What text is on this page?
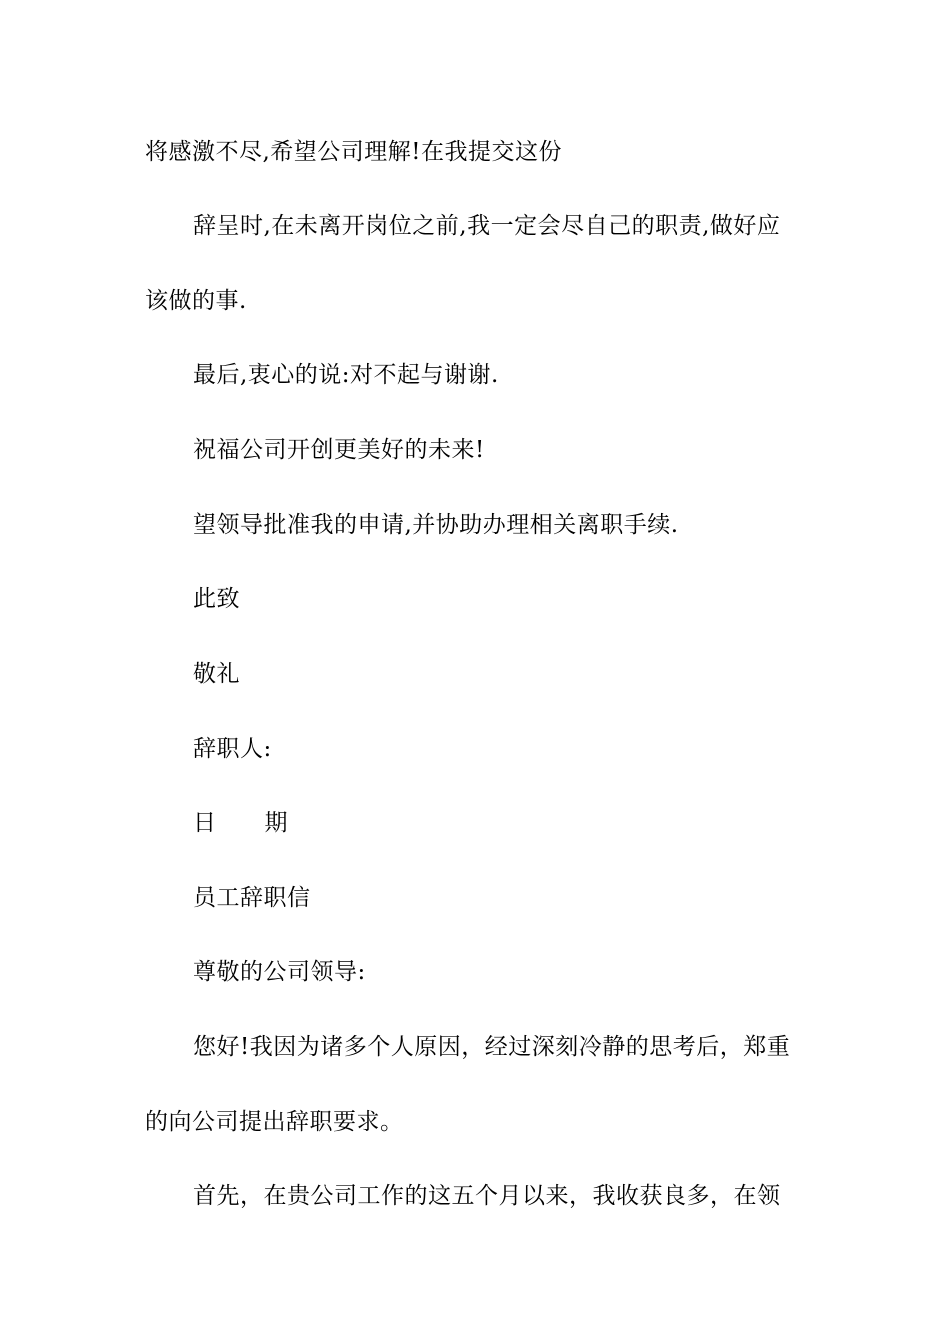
将感激不尽,希望公司理解!在我提交这份
辞呈时,在未离开岗位之前,我一定会尽自己的职责,做好应
该做的事.
最后,衷心的说:对不起与谢谢.
祝福公司开创更美好的未来!
望领导批准我的申请,并协助办理相关离职手续.
此致
敬礼
辞职人:
日 期
员工辞职信
尊敬的公司领导:
您好!我因为诸多个人原因，经过深刻冷静的思考后，郑重
的向公司提出辞职要求。
首先，在贵公司工作的这五个月以来，我收获良多，在领
